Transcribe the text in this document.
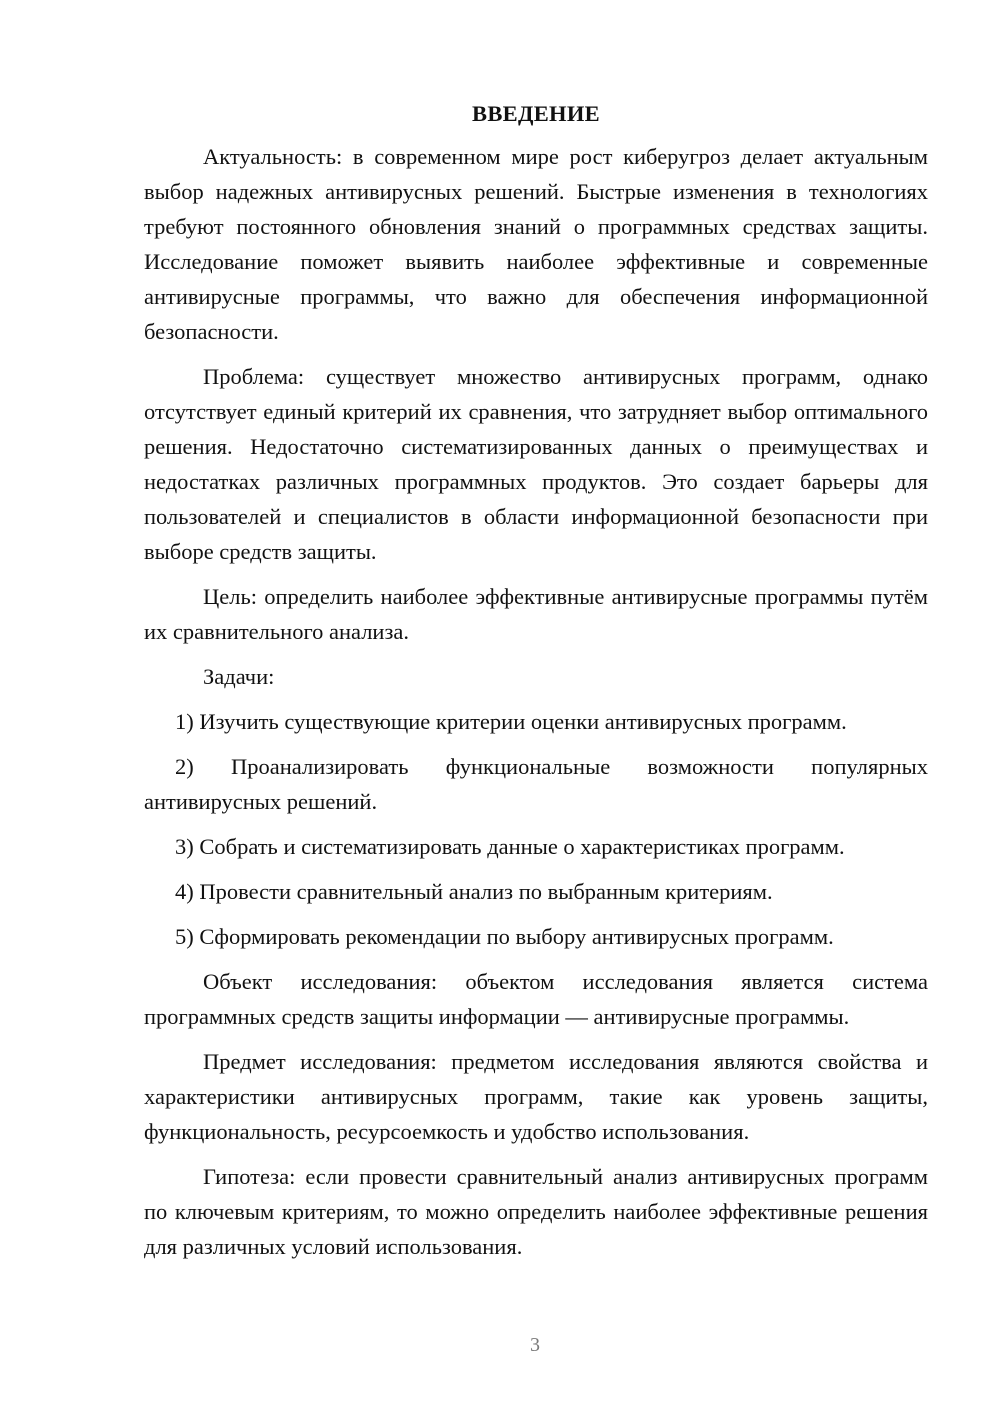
ВВЕДЕНИЕ

Актуальность: в современном мире рост киберугроз делает актуальным выбор надежных антивирусных решений. Быстрые изменения в технологиях требуют постоянного обновления знаний о программных средствах защиты. Исследование поможет выявить наиболее эффективные и современные антивирусные программы, что важно для обеспечения информационной безопасности.

Проблема: существует множество антивирусных программ, однако отсутствует единый критерий их сравнения, что затрудняет выбор оптимального решения. Недостаточно систематизированных данных о преимуществах и недостатках различных программных продуктов. Это создает барьеры для пользователей и специалистов в области информационной безопасности при выборе средств защиты.

Цель: определить наиболее эффективные антивирусные программы путём их сравнительного анализа.

Задачи:

1) Изучить существующие критерии оценки антивирусных программ.

2) Проанализировать функциональные возможности популярных антивирусных решений.

3) Собрать и систематизировать данные о характеристиках программ.

4) Провести сравнительный анализ по выбранным критериям.

5) Сформировать рекомендации по выбору антивирусных программ.

Объект исследования: объектом исследования является система программных средств защиты информации — антивирусные программы.

Предмет исследования: предметом исследования являются свойства и характеристики антивирусных программ, такие как уровень защиты, функциональность, ресурсоемкость и удобство использования.

Гипотеза: если провести сравнительный анализ антивирусных программ по ключевым критериям, то можно определить наиболее эффективные решения для различных условий использования.

3
